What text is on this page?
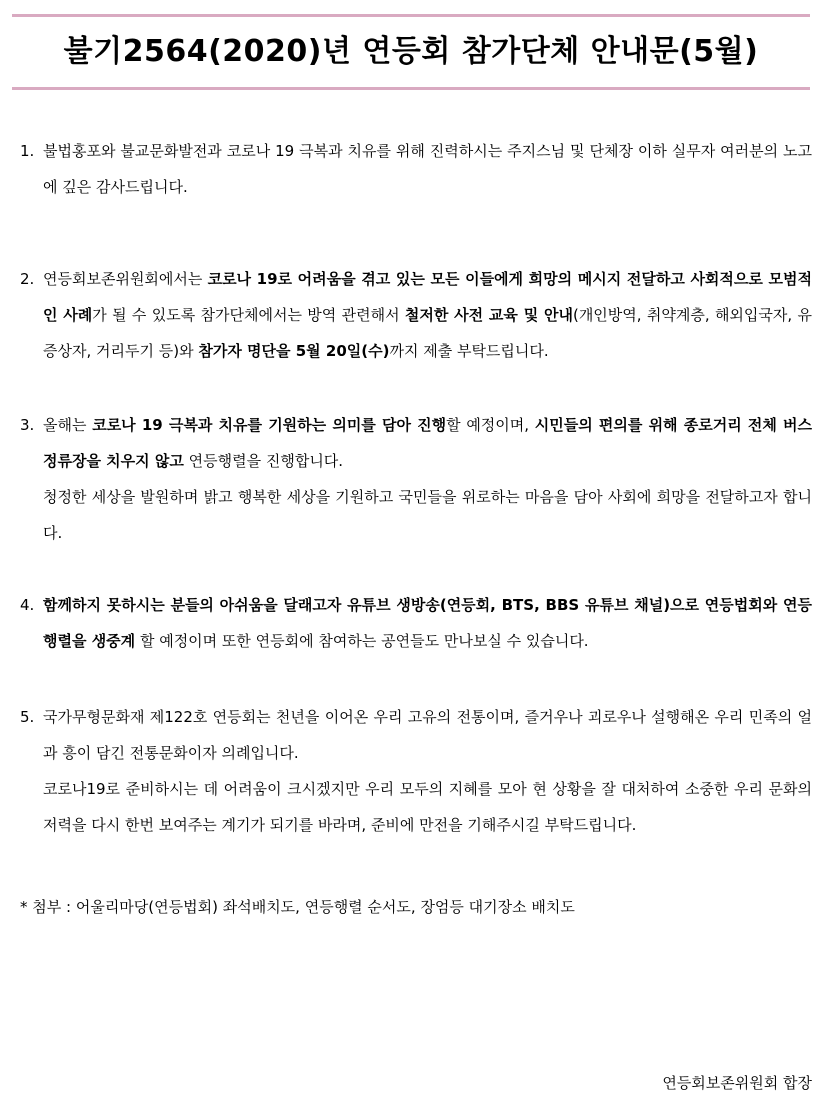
불기2564(2020)년 연등회 참가단체 안내문(5월)
1. 불법홍포와 불교문화발전과 코로나 19 극복과 치유를 위해 진력하시는 주지스님 및 단체장 이하 실무자 여러분의 노고에 깊은 감사드립니다.
2. 연등회보존위원회에서는 코로나 19로 어려움을 겪고 있는 모든 이들에게 희망의 메시지 전달하고 사회적으로 모범적인 사례가 될 수 있도록 참가단체에서는 방역 관련해서 철저한 사전 교육 및 안내(개인방역, 취약계층, 해외입국자, 유증상자, 거리두기 등)와 참가자 명단을 5월 20일(수)까지 제출 부탁드립니다.
3. 올해는 코로나 19 극복과 치유를 기원하는 의미를 담아 진행할 예정이며, 시민들의 편의를 위해 종로거리 전체 버스정류장을 치우지 않고 연등행렬을 진행합니다.
청정한 세상을 발원하며 밝고 행복한 세상을 기원하고 국민들을 위로하는 마음을 담아 사회에 희망을 전달하고자 합니다.
4. 함께하지 못하시는 분들의 아쉬움을 달래고자 유튜브 생방송(연등회, BTS, BBS 유튜브 채널)으로 연등법회와 연등행렬을 생중계 할 예정이며 또한 연등회에 참여하는 공연들도 만나보실 수 있습니다.
5. 국가무형문화재 제122호 연등회는 천년을 이어온 우리 고유의 전통이며, 즐거우나 괴로우나 설행해온 우리 민족의 얼과 흥이 담긴 전통문화이자 의례입니다.
코로나19로 준비하시는 데 어려움이 크시겠지만 우리 모두의 지혜를 모아 현 상황을 잘 대처하여 소중한 우리 문화의 저력을 다시 한번 보여주는 계기가 되기를 바라며, 준비에 만전을 기해주시길 부탁드립니다.

* 첨부 : 어울리마당(연등법회) 좌석배치도, 연등행렬 순서도, 장엄등 대기장소 배치도

연등회보존위원회 합장
